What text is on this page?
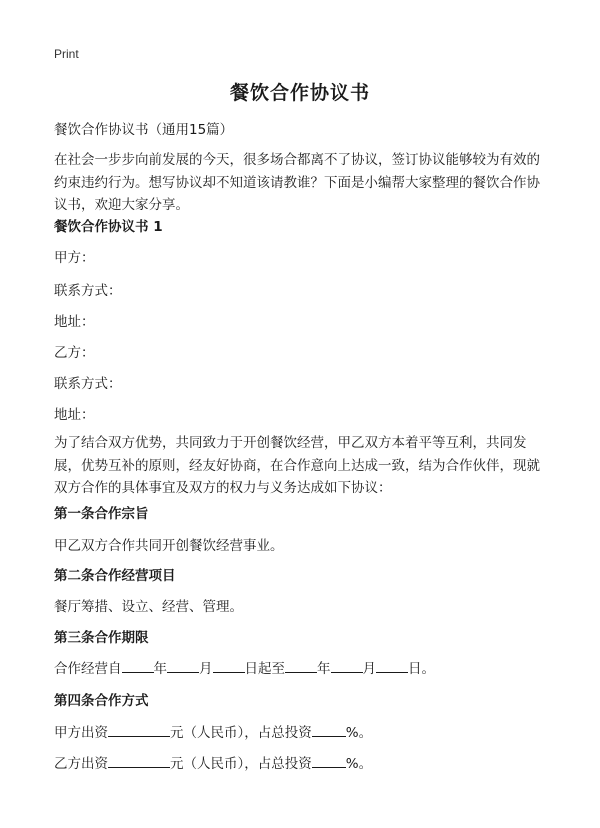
Print
餐饮合作协议书
餐饮合作协议书（通用15篇）
在社会一步步向前发展的今天，很多场合都离不了协议，签订协议能够较为有效的约束违约行为。想写协议却不知道该请教谁？下面是小编帮大家整理的餐饮合作协议书，欢迎大家分享。
餐饮合作协议书 1
甲方：
联系方式：
地址：
乙方：
联系方式：
地址：
为了结合双方优势，共同致力于开创餐饮经营，甲乙双方本着平等互利，共同发展，优势互补的原则，经友好协商，在合作意向上达成一致，结为合作伙伴，现就双方合作的具体事宜及双方的权力与义务达成如下协议：
第一条合作宗旨
甲乙双方合作共同开创餐饮经营事业。
第二条合作经营项目
餐厅筹措、设立、经营、管理。
第三条合作期限
合作经营自 年 月 日起至 年 月 日。
第四条合作方式
甲方出资	元（人民币），占总投资	%。
乙方出资	元（人民币），占总投资	%。
